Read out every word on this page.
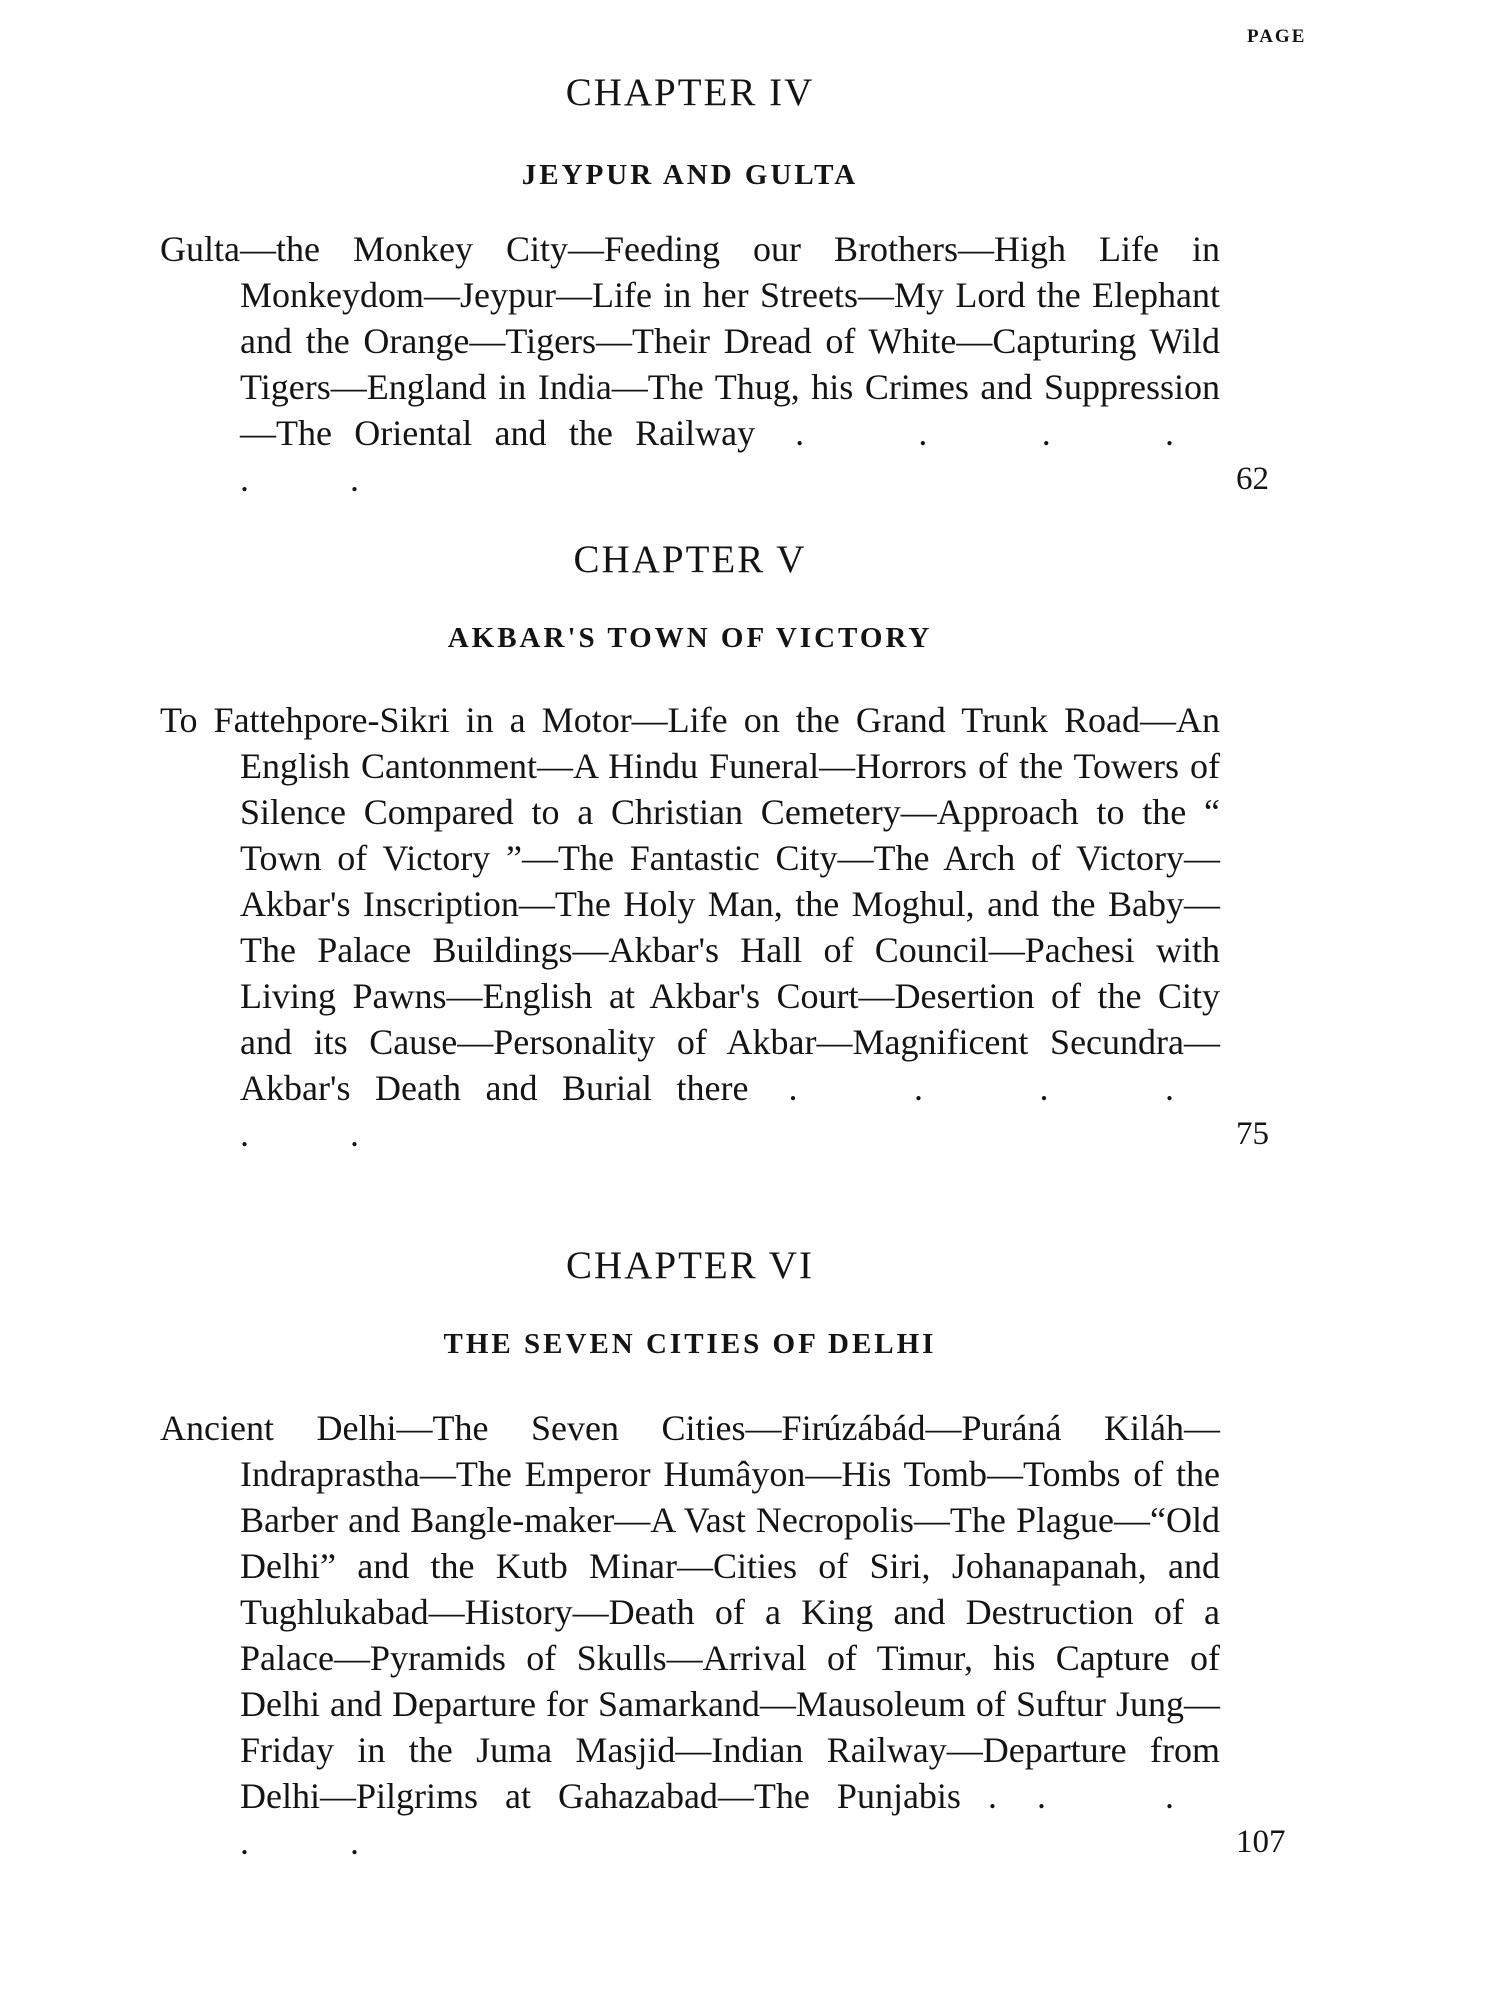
PAGE
CHAPTER IV
JEYPUR AND GULTA

Gulta—the Monkey City—Feeding our Brothers—High Life in Monkeydom—Jeypur—Life in her Streets—My Lord the Elephant and the Orange—Tigers—Their Dread of White—Capturing Wild Tigers—England in India—The Thug, his Crimes and Suppression—The Oriental and the Railway . . . . . .	62

CHAPTER V
AKBAR'S TOWN OF VICTORY

To Fattehpore-Sikri in a Motor—Life on the Grand Trunk Road—An English Cantonment—A Hindu Funeral—Horrors of the Towers of Silence Compared to a Christian Cemetery—Approach to the “ Town of Victory ”—The Fantastic City—The Arch of Victory—Akbar's Inscription—The Holy Man, the Moghul, and the Baby—The Palace Buildings—Akbar's Hall of Council—Pachesi with Living Pawns—English at Akbar's Court—Desertion of the City and its Cause—Personality of Akbar—Magnificent Secundra—Akbar's Death and Burial there . . . . . .	75

CHAPTER VI
THE SEVEN CITIES OF DELHI

Ancient Delhi—The Seven Cities—Firúzábád—Puráná Kiláh—Indraprastha—The Emperor Humâyon—His Tomb—Tombs of the Barber and Bangle-maker—A Vast Necropolis—The Plague—“Old Delhi” and the Kutb Minar—Cities of Siri, Johanapanah, and Tughlukabad—History—Death of a King and Destruction of a Palace—Pyramids of Skulls—Arrival of Timur, his Capture of Delhi and Departure for Samarkand—Mausoleum of Suftur Jung—Friday in the Juma Masjid—Indian Railway—Departure from Delhi—Pilgrims at Gahazabad—The Punjabis . . . . .	107
